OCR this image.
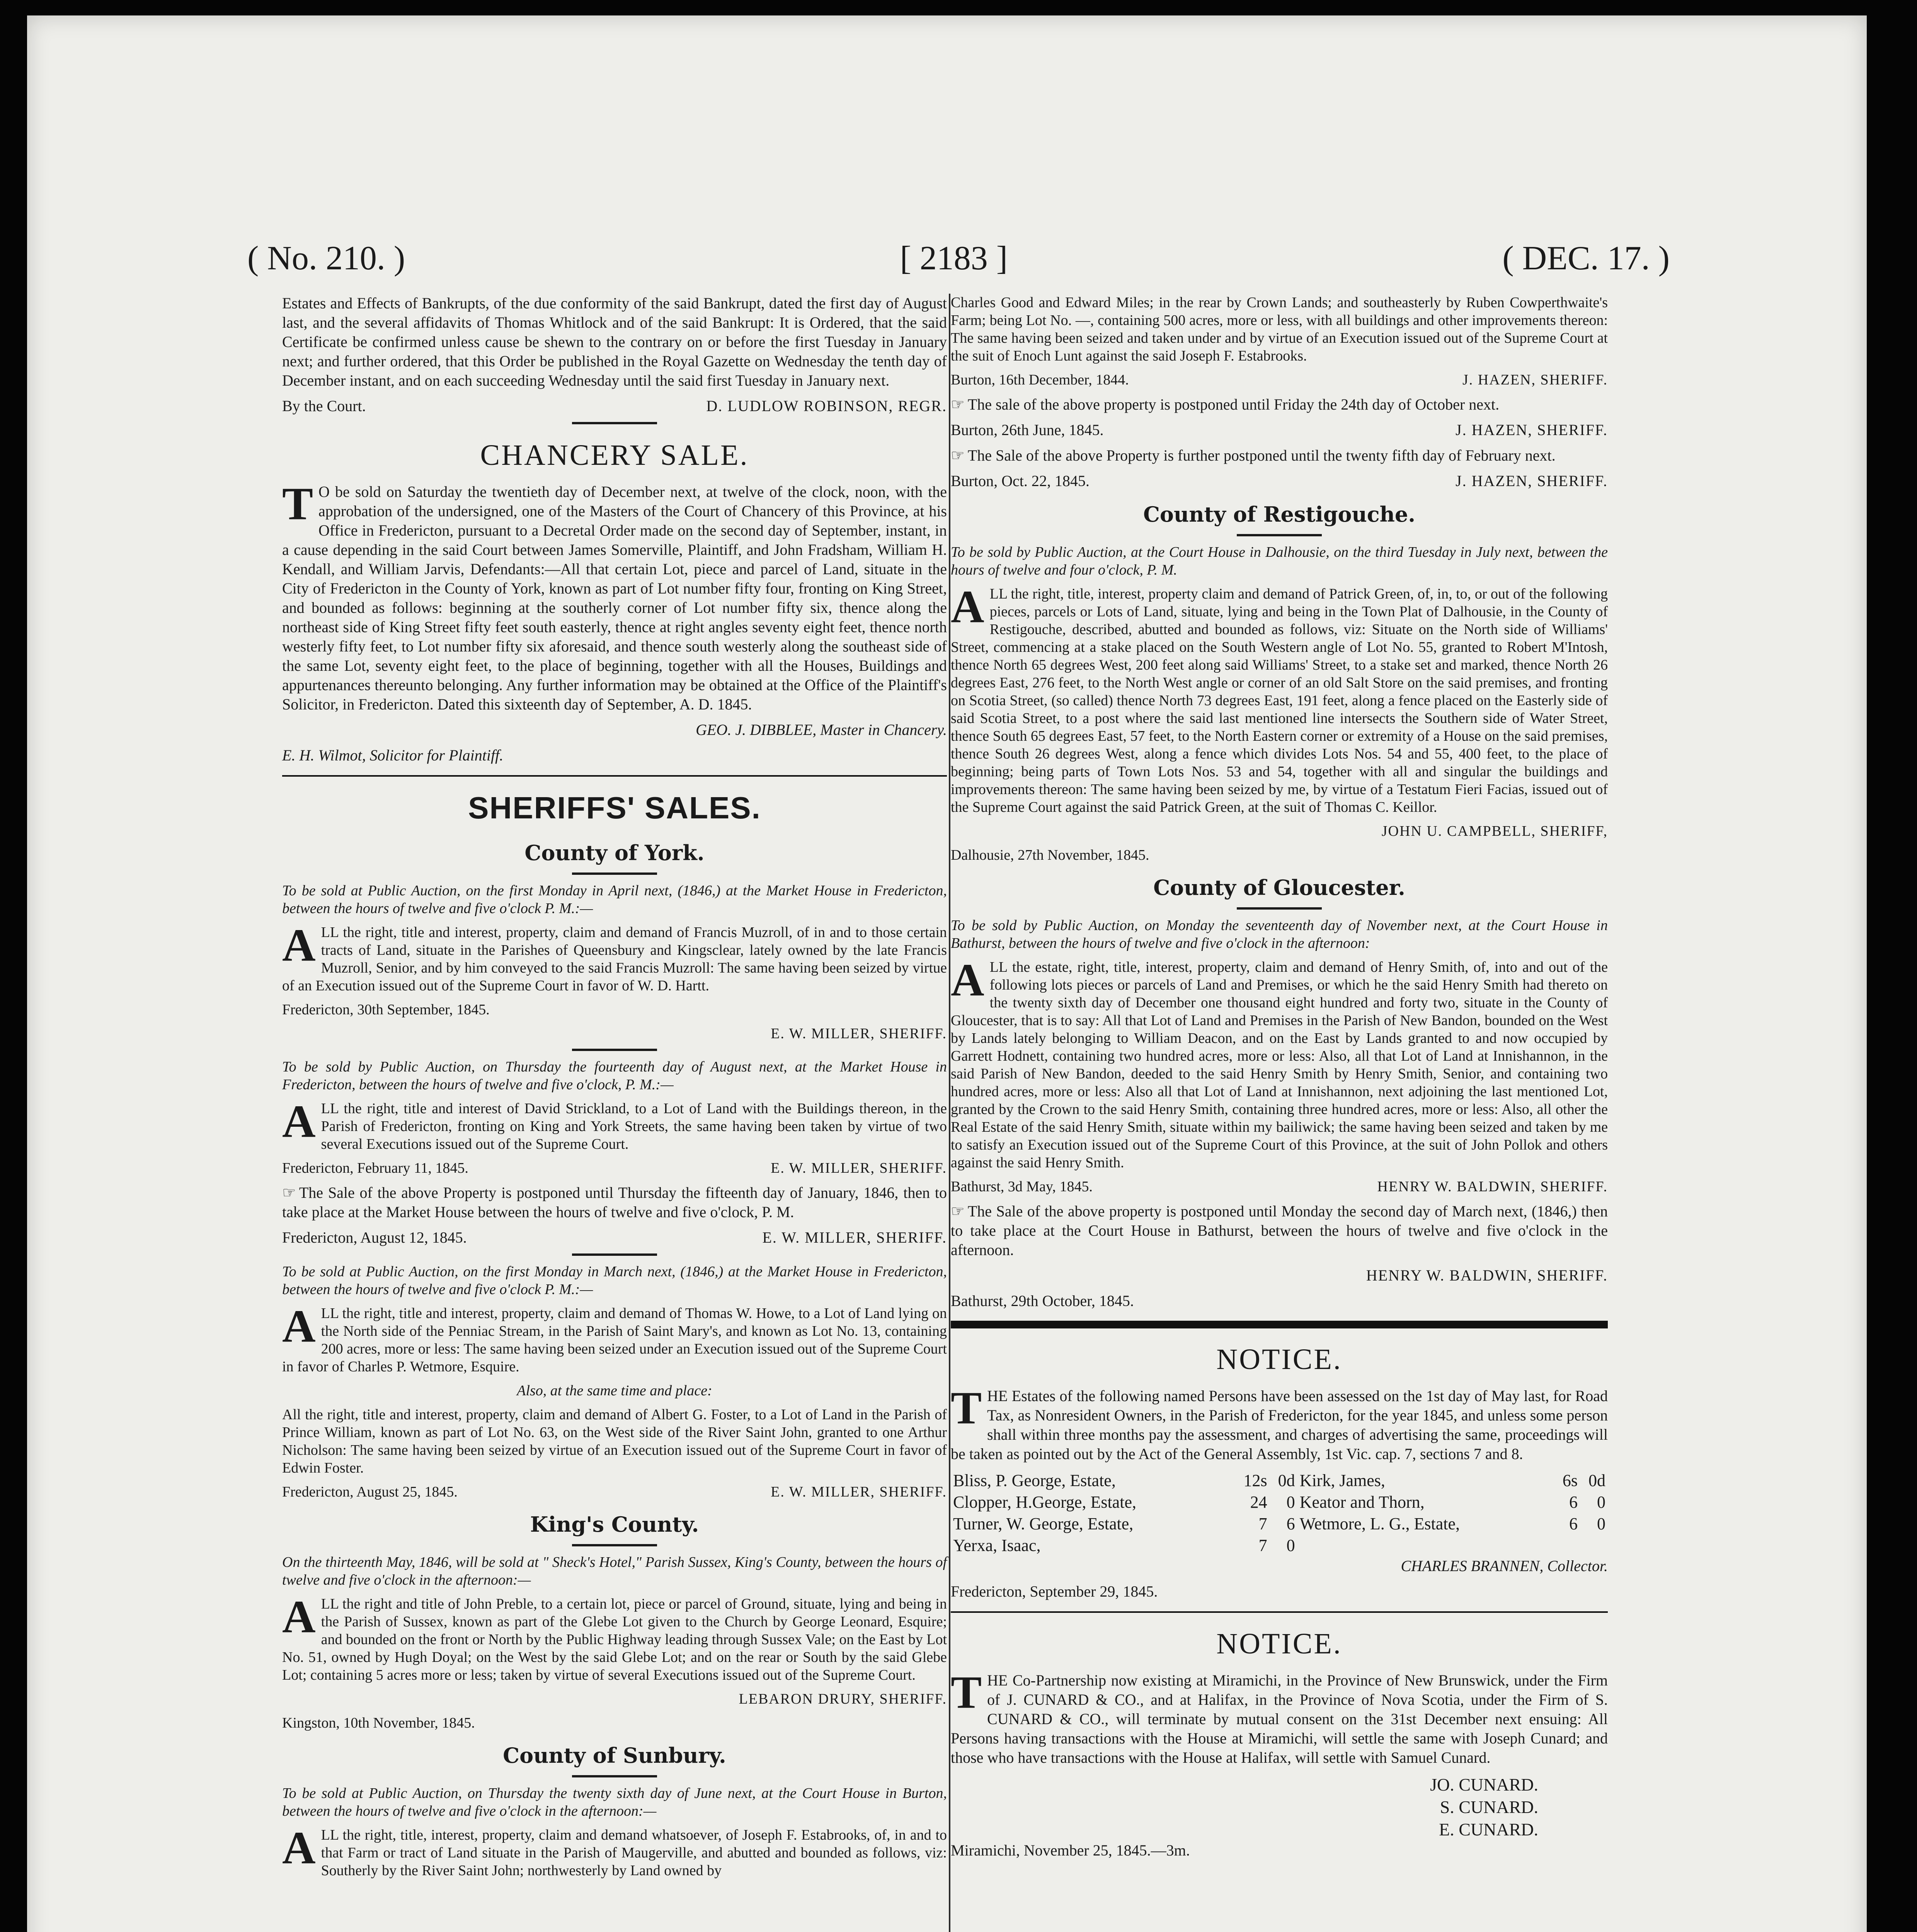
( No. 210. )	[ 2183 ]	( DEC. 17. )

Estates and Effects of Bankrupts, of the due conformity of the said Bankrupt, dated the first day of August last, and the several affidavits of Thomas Whitlock and of the said Bankrupt: It is Ordered, that the said Certificate be confirmed unless cause be shewn to the contrary on or before the first Tuesday in January next; and further ordered, that this Order be published in the Royal Gazette on Wednesday the tenth day of December instant, and on each succeeding Wednesday until the said first Tuesday in January next.

By the Court.	D. LUDLOW ROBINSON, REGR.
CHANCERY SALE.

T O be sold on Saturday the twentieth day of December next, at twelve of the clock, noon, with the approbation of the undersigned, one of the Masters of the Court of Chancery of this Province, at his Office in Fredericton, pursuant to a Decretal Order made on the second day of September, instant, in a cause depending in the said Court between James Somerville, Plaintiff, and John Fradsham, William H. Kendall, and William Jarvis, Defendants:—All that certain Lot, piece and parcel of Land, situate in the City of Fredericton in the County of York, known as part of Lot number fifty four, fronting on King Street, and bounded as follows: beginning at the southerly corner of Lot number fifty six, thence along the northeast side of King Street fifty feet south easterly, thence at right angles seventy eight feet, thence north westerly fifty feet, to Lot number fifty six aforesaid, and thence south westerly along the southeast side of the same Lot, seventy eight feet, to the place of beginning, together with all the Houses, Buildings and appurtenances thereunto belonging. Any further information may be obtained at the Office of the Plaintiff's Solicitor, in Fredericton. Dated this sixteenth day of September, A. D. 1845.

GEO. J. DIBBLEE, Master in Chancery.

E. H. Wilmot, Solicitor for Plaintiff.

SHERIFFS' SALES.
County of York.

To be sold at Public Auction, on the first Monday in April next, (1846,) at the Market House in Fredericton, between the hours of twelve and five o'clock P. M.:—

ALL the right, title and interest, property, claim and demand of Francis Muzroll, of in and to those certain tracts of Land, situate in the Parishes of Queensbury and Kingsclear, lately owned by the late Francis Muzroll, Senior, and by him conveyed to the said Francis Muzroll: The same having been seized by virtue of an Execution issued out of the Supreme Court in favor of W. D. Hartt.

Fredericton, 30th September, 1845.

E. W. MILLER, SHERIFF.

To be sold by Public Auction, on Thursday the fourteenth day of August next, at the Market House in Fredericton, between the hours of twelve and five o'clock, P. M.:—

ALL the right, title and interest of David Strickland, to a Lot of Land with the Buildings thereon, in the Parish of Fredericton, fronting on King and York Streets, the same having been taken by virtue of two several Executions issued out of the Supreme Court.

Fredericton, February 11, 1845.	E. W. MILLER, SHERIFF.

☞ The Sale of the above Property is postponed until Thursday the fifteenth day of January, 1846, then to take place at the Market House between the hours of twelve and five o'clock, P. M.

Fredericton, August 12, 1845.	E. W. MILLER, SHERIFF.

To be sold at Public Auction, on the first Monday in March next, (1846,) at the Market House in Fredericton, between the hours of twelve and five o'clock P. M.:—

ALL the right, title and interest, property, claim and demand of Thomas W. Howe, to a Lot of Land lying on the North side of the Penniac Stream, in the Parish of Saint Mary's, and known as Lot No. 13, containing 200 acres, more or less: The same having been seized under an Execution issued out of the Supreme Court in favor of Charles P. Wetmore, Esquire.

Also, at the same time and place:

All the right, title and interest, property, claim and demand of Albert G. Foster, to a Lot of Land in the Parish of Prince William, known as part of Lot No. 63, on the West side of the River Saint John, granted to one Arthur Nicholson: The same having been seized by virtue of an Execution issued out of the Supreme Court in favor of Edwin Foster.

Fredericton, August 25, 1845.	E. W. MILLER, SHERIFF.
King's County.

On the thirteenth May, 1846, will be sold at " Sheck's Hotel," Parish Sussex, King's County, between the hours of twelve and five o'clock in the afternoon:—

ALL the right and title of John Preble, to a certain lot, piece or parcel of Ground, situate, lying and being in the Parish of Sussex, known as part of the Glebe Lot given to the Church by George Leonard, Esquire; and bounded on the front or North by the Public Highway leading through Sussex Vale; on the East by Lot No. 51, owned by Hugh Doyal; on the West by the said Glebe Lot; and on the rear or South by the said Glebe Lot; containing 5 acres more or less; taken by virtue of several Executions issued out of the Supreme Court.

LEBARON DRURY, SHERIFF.

Kingston, 10th November, 1845.

County of Sunbury.

To be sold at Public Auction, on Thursday the twenty sixth day of June next, at the Court House in Burton, between the hours of twelve and five o'clock in the afternoon:—

ALL the right, title, interest, property, claim and demand whatsoever, of Joseph F. Estabrooks, of, in and to that Farm or tract of Land situate in the Parish of Maugerville, and abutted and bounded as follows, viz: Southerly by the River Saint John; northwesterly by Land owned by

Charles Good and Edward Miles; in the rear by Crown Lands; and southeasterly by Ruben Cowperthwaite's Farm; being Lot No. —, containing 500 acres, more or less, with all buildings and other improvements thereon: The same having been seized and taken under and by virtue of an Execution issued out of the Supreme Court at the suit of Enoch Lunt against the said Joseph F. Estabrooks.

Burton, 16th December, 1844.	J. HAZEN, SHERIFF.

☞ The sale of the above property is postponed until Friday the 24th day of October next.

Burton, 26th June, 1845.	J. HAZEN, SHERIFF.

☞ The Sale of the above Property is further postponed until the twenty fifth day of February next.

Burton, Oct. 22, 1845.	J. HAZEN, SHERIFF.
County of Restigouche.

To be sold by Public Auction, at the Court House in Dalhousie, on the third Tuesday in July next, between the hours of twelve and four o'clock, P. M.

ALL the right, title, interest, property claim and demand of Patrick Green, of, in, to, or out of the following pieces, parcels or Lots of Land, situate, lying and being in the Town Plat of Dalhousie, in the County of Restigouche, described, abutted and bounded as follows, viz: Situate on the North side of Williams' Street, commencing at a stake placed on the South Western angle of Lot No. 55, granted to Robert M'Intosh, thence North 65 degrees West, 200 feet along said Williams' Street, to a stake set and marked, thence North 26 degrees East, 276 feet, to the North West angle or corner of an old Salt Store on the said premises, and fronting on Scotia Street, (so called) thence North 73 degrees East, 191 feet, along a fence placed on the Easterly side of said Scotia Street, to a post where the said last mentioned line intersects the Southern side of Water Street, thence South 65 degrees East, 57 feet, to the North Eastern corner or extremity of a House on the said premises, thence South 26 degrees West, along a fence which divides Lots Nos. 54 and 55, 400 feet, to the place of beginning; being parts of Town Lots Nos. 53 and 54, together with all and singular the buildings and improvements thereon: The same having been seized by me, by virtue of a Testatum Fieri Facias, issued out of the Supreme Court against the said Patrick Green, at the suit of Thomas C. Keillor.

JOHN U. CAMPBELL, SHERIFF,

Dalhousie, 27th November, 1845.

County of Gloucester.

To be sold by Public Auction, on Monday the seventeenth day of November next, at the Court House in Bathurst, between the hours of twelve and five o'clock in the afternoon:

ALL the estate, right, title, interest, property, claim and demand of Henry Smith, of, into and out of the following lots pieces or parcels of Land and Premises, or which he the said Henry Smith had thereto on the twenty sixth day of December one thousand eight hundred and forty two, situate in the County of Gloucester, that is to say: All that Lot of Land and Premises in the Parish of New Bandon, bounded on the West by Lands lately belonging to William Deacon, and on the East by Lands granted to and now occupied by Garrett Hodnett, containing two hundred acres, more or less: Also, all that Lot of Land at Innishannon, in the said Parish of New Bandon, deeded to the said Henry Smith by Henry Smith, Senior, and containing two hundred acres, more or less: Also all that Lot of Land at Innishannon, next adjoining the last mentioned Lot, granted by the Crown to the said Henry Smith, containing three hundred acres, more or less: Also, all other the Real Estate of the said Henry Smith, situate within my bailiwick; the same having been seized and taken by me to satisfy an Execution issued out of the Supreme Court of this Province, at the suit of John Pollok and others against the said Henry Smith.

Bathurst, 3d May, 1845.	HENRY W. BALDWIN, SHERIFF.

☞ The Sale of the above property is postponed until Monday the second day of March next, (1846,) then to take place at the Court House in Bathurst, between the hours of twelve and five o'clock in the afternoon.

HENRY W. BALDWIN, SHERIFF.

Bathurst, 29th October, 1845.

NOTICE.

THE Estates of the following named Persons have been assessed on the 1st day of May last, for Road Tax, as Nonresident Owners, in the Parish of Fredericton, for the year 1845, and unless some person shall within three months pay the assessment, and charges of advertising the same, proceedings will be taken as pointed out by the Act of the General Assembly, 1st Vic. cap. 7, sections 7 and 8.

Bliss, P. George, Estate,	12s	0d	Kirk, James,	6s	0d
Clopper, H.George, Estate,	24	0	Keator and Thorn,	6	0
Turner, W. George, Estate,	7	6	Wetmore, L. G., Estate,	6	0
Yerxa, Isaac,	7	0			

CHARLES BRANNEN, Collector.

Fredericton, September 29, 1845.

NOTICE.

THE Co-Partnership now existing at Miramichi, in the Province of New Brunswick, under the Firm of J. CUNARD & CO., and at Halifax, in the Province of Nova Scotia, under the Firm of S. CUNARD & CO., will terminate by mutual consent on the 31st December next ensuing: All Persons having transactions with the House at Miramichi, will settle the same with Joseph Cunard; and those who have transactions with the House at Halifax, will settle with Samuel Cunard.

JO. CUNARD.
S. CUNARD.
E. CUNARD.

Miramichi, November 25, 1845.—3m.
